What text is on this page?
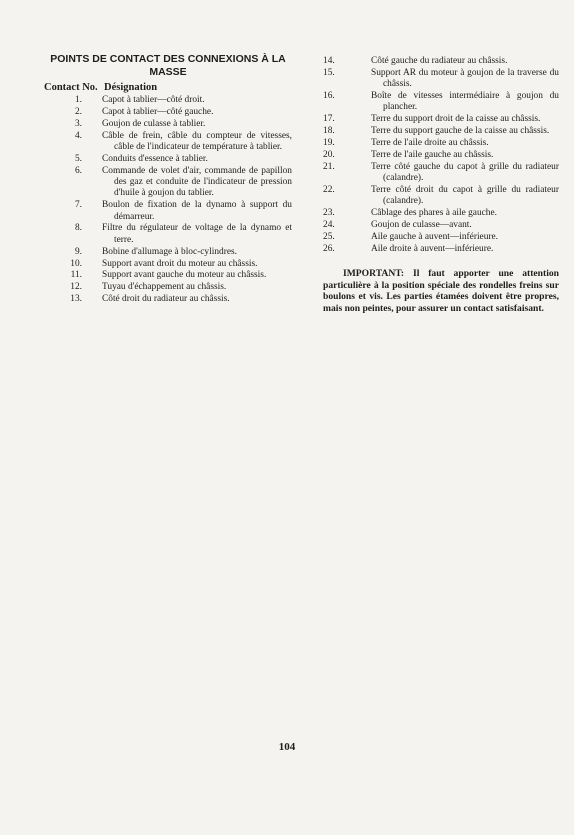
POINTS DE CONTACT DES CONNEXIONS À LA MASSE
Contact No. Désignation
1.	Capot à tablier—côté droit.
2.	Capot à tablier—côté gauche.
3.	Goujon de culasse à tablier.
4.	Câble de frein, câble du compteur de vitesses, câble de l'indicateur de température à tablier.
5.	Conduits d'essence à tablier.
6.	Commande de volet d'air, commande de papillon des gaz et conduite de l'indicateur de pression d'huile à goujon du tablier.
7.	Boulon de fixation de la dynamo à support du démarreur.
8.	Filtre du régulateur de voltage de la dynamo et terre.
9.	Bobine d'allumage à bloc-cylindres.
10.	Support avant droit du moteur au châssis.
11.	Support avant gauche du moteur au châssis.
12.	Tuyau d'échappement au châssis.
13.	Côté droit du radiateur au châssis.
14.	Côté gauche du radiateur au châssis.
15.	Support AR du moteur à goujon de la traverse du châssis.
16.	Boîte de vitesses intermédiaire à goujon du plancher.
17.	Terre du support droit de la caisse au châssis.
18.	Terre du support gauche de la caisse au châssis.
19.	Terre de l'aile droite au châssis.
20.	Terre de l'aile gauche au châssis.
21.	Terre côté gauche du capot à grille du radiateur (calandre).
22.	Terre côté droit du capot à grille du radiateur (calandre).
23.	Câblage des phares à aile gauche.
24.	Goujon de culasse—avant.
25.	Aile gauche à auvent—inférieure.
26.	Aile droite à auvent—inférieure.
IMPORTANT: Il faut apporter une attention particulière à la position spéciale des rondelles freins sur boulons et vis. Les parties étamées doivent être propres, mais non peintes, pour assurer un contact satisfaisant.
104
